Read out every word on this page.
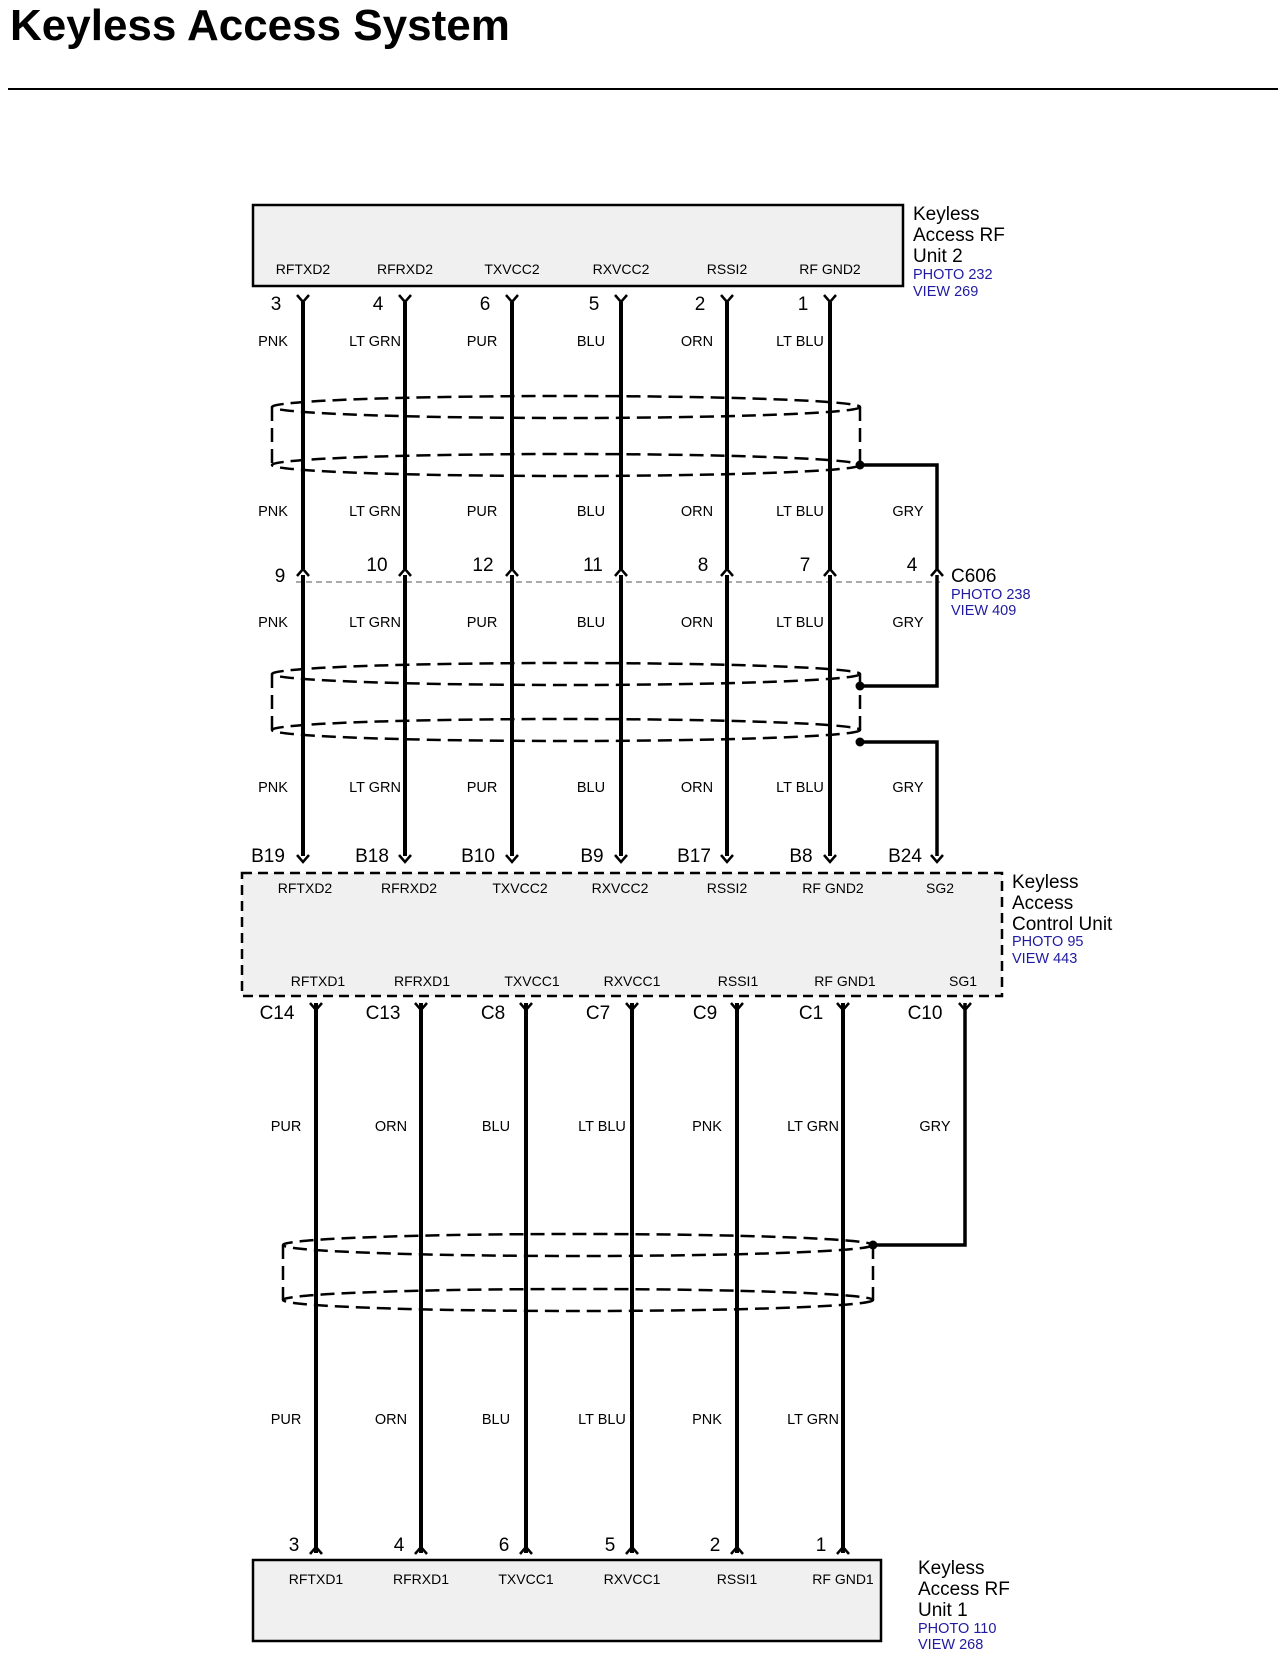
Keyless Access System
RFTXD2
3
RFRXD2
4
TXVCC2
6
RXVCC2
5
RSSI2
2
RF GND2
1
PNK
PNK
PNK
PNK
LT GRN
LT GRN
LT GRN
LT GRN
PUR
PUR
PUR
PUR
BLU
BLU
BLU
BLU
ORN
ORN
ORN
ORN
LT BLU
LT BLU
LT BLU
LT BLU
9
10	12	11	8	7	4
GRY
GRY
GRY
B19
RFTXD2
B18
RFRXD2
B10
TXVCC2
B9
RXVCC2
B17
RSSI2
B8
RF GND2
B24
SG2
RFTXD1
C14
RFRXD1
C13
TXVCC1
C8
RXVCC1
C7
RSSI1
C9
RF GND1
C1
SG1
C10
PUR
PUR
ORN
ORN
BLU
BLU
LT BLU
LT BLU
PNK
PNK
LT GRN
LT GRN
GRY
3
RFTXD1
4
RFRXD1
6
TXVCC1
5
RXVCC1
2
RSSI1
1
RF GND1
Keyless
Access RF
Unit 2
PHOTO 232
VIEW 269
C606
PHOTO 238
VIEW 409
Keyless
Access
Control Unit
PHOTO 95
VIEW 443
Keyless
Access RF
Unit 1
PHOTO 110
VIEW 268
